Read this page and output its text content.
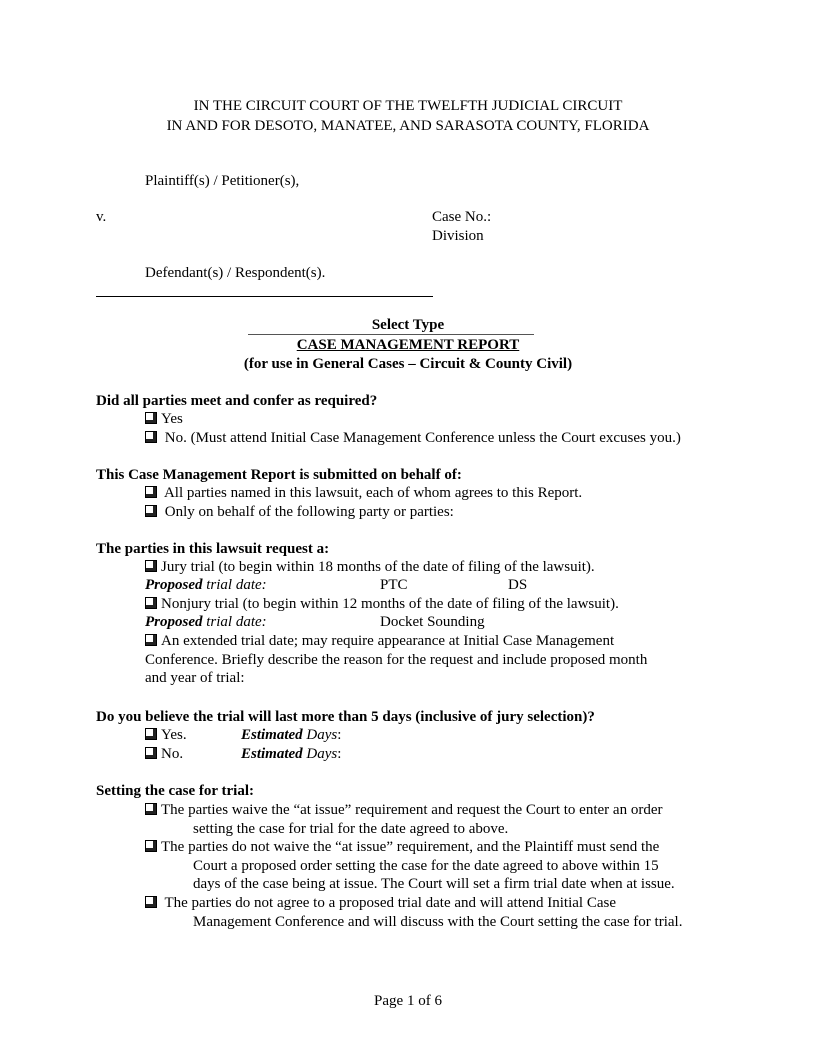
IN THE CIRCUIT COURT OF THE TWELFTH JUDICIAL CIRCUIT
IN AND FOR DESOTO, MANATEE, AND SARASOTA COUNTY, FLORIDA
Plaintiff(s) / Petitioner(s),
v.	Case No.:
Division
Defendant(s) / Respondent(s).
Select Type
CASE MANAGEMENT REPORT
(for use in General Cases – Circuit & County Civil)
Did all parties meet and confer as required?
Yes
No. (Must attend Initial Case Management Conference unless the Court excuses you.)
This Case Management Report is submitted on behalf of:
All parties named in this lawsuit, each of whom agrees to this Report.
Only on behalf of the following party or parties:
The parties in this lawsuit request a:
Jury trial (to begin within 18 months of the date of filing of the lawsuit).
Proposed trial date:	PTC	DS
Nonjury trial (to begin within 12 months of the date of filing of the lawsuit).
Proposed trial date:	Docket Sounding
An extended trial date; may require appearance at Initial Case Management
Conference. Briefly describe the reason for the request and include proposed month
and year of trial:
Do you believe the trial will last more than 5 days (inclusive of jury selection)?
Yes.	Estimated Days:
No.	Estimated Days:
Setting the case for trial:
The parties waive the “at issue” requirement and request the Court to enter an order
setting the case for trial for the date agreed to above.
The parties do not waive the “at issue” requirement, and the Plaintiff must send the
Court a proposed order setting the case for the date agreed to above within 15
days of the case being at issue. The Court will set a firm trial date when at issue.
The parties do not agree to a proposed trial date and will attend Initial Case
Management Conference and will discuss with the Court setting the case for trial.
Page 1 of 6
